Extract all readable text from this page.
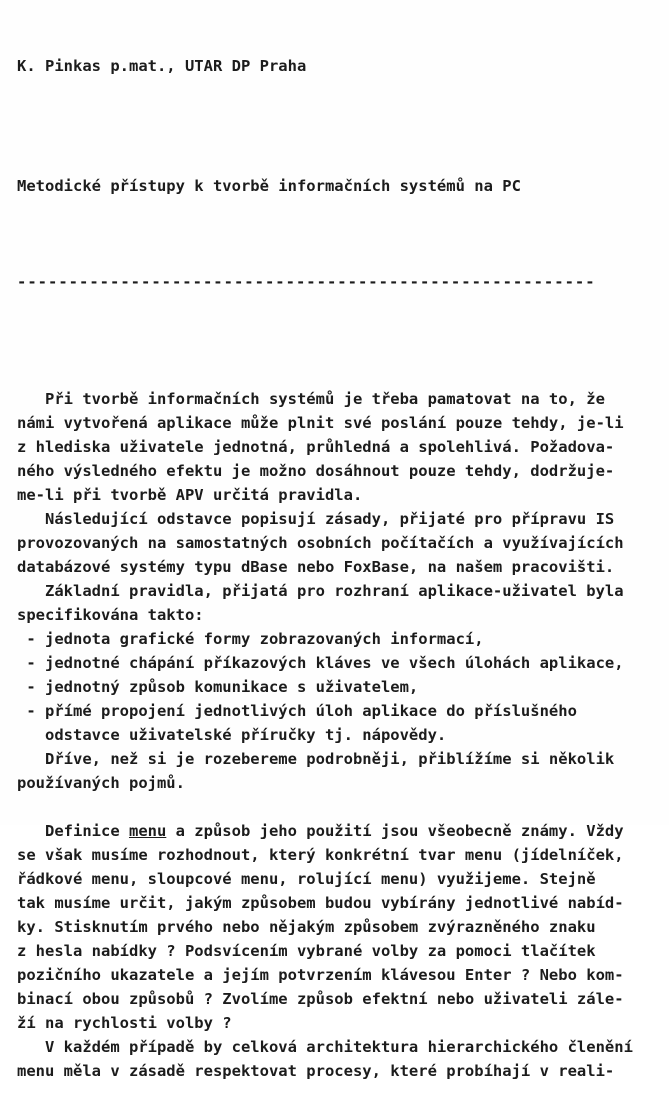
K. Pinkas p.mat., UTAR DP Praha

Metodické přístupy k tvorbě informačních systémů na PC

--------------------------------------------------------

Při tvorbě informačních systémů je třeba pamatovat na to, že
námi vytvořená aplikace může plnit své poslání pouze tehdy, je-li
z hlediska uživatele jednotná, průhledná a spolehlivá. Požadova-
ného výsledného efektu je možno dosáhnout pouze tehdy, dodržuje-
me-li při tvorbě APV určitá pravidla.
Následující odstavce popisují zásady, přijaté pro přípravu IS
provozovaných na samostatných osobních počítačích a využívajících
databázové systémy typu dBase nebo FoxBase, na našem pracovišti.
Základní pravidla, přijatá pro rozhraní aplikace-uživatel byla
specifikována takto:
- jednota grafické formy zobrazovaných informací,
- jednotné chápání příkazových kláves ve všech úlohách aplikace,
- jednotný způsob komunikace s uživatelem,
- přímé propojení jednotlivých úloh aplikace do příslušného
odstavce uživatelské příručky tj. nápovědy.
Dříve, než si je rozebereme podrobněji, přiblížíme si několik
používaných pojmů.

Definice menu a způsob jeho použití jsou všeobecně známy. Vždy
se však musíme rozhodnout, který konkrétní tvar menu (jídelníček,
řádkové menu, sloupcové menu, rolující menu) využijeme. Stejně
tak musíme určit, jakým způsobem budou vybírány jednotlivé nabíd-
ky. Stisknutím prvého nebo nějakým způsobem zvýrazněného znaku
z hesla nabídky ? Podsvícením vybrané volby za pomoci tlačítek
pozičního ukazatele a jejím potvrzením klávesou Enter ? Nebo kom-
binací obou způsobů ? Zvolíme způsob efektní nebo uživateli zále-
ží na rychlosti volby ?
V každém případě by celková architektura hierarchického členění
menu měla v zásadě respektovat procesy, které probíhají v reali-
